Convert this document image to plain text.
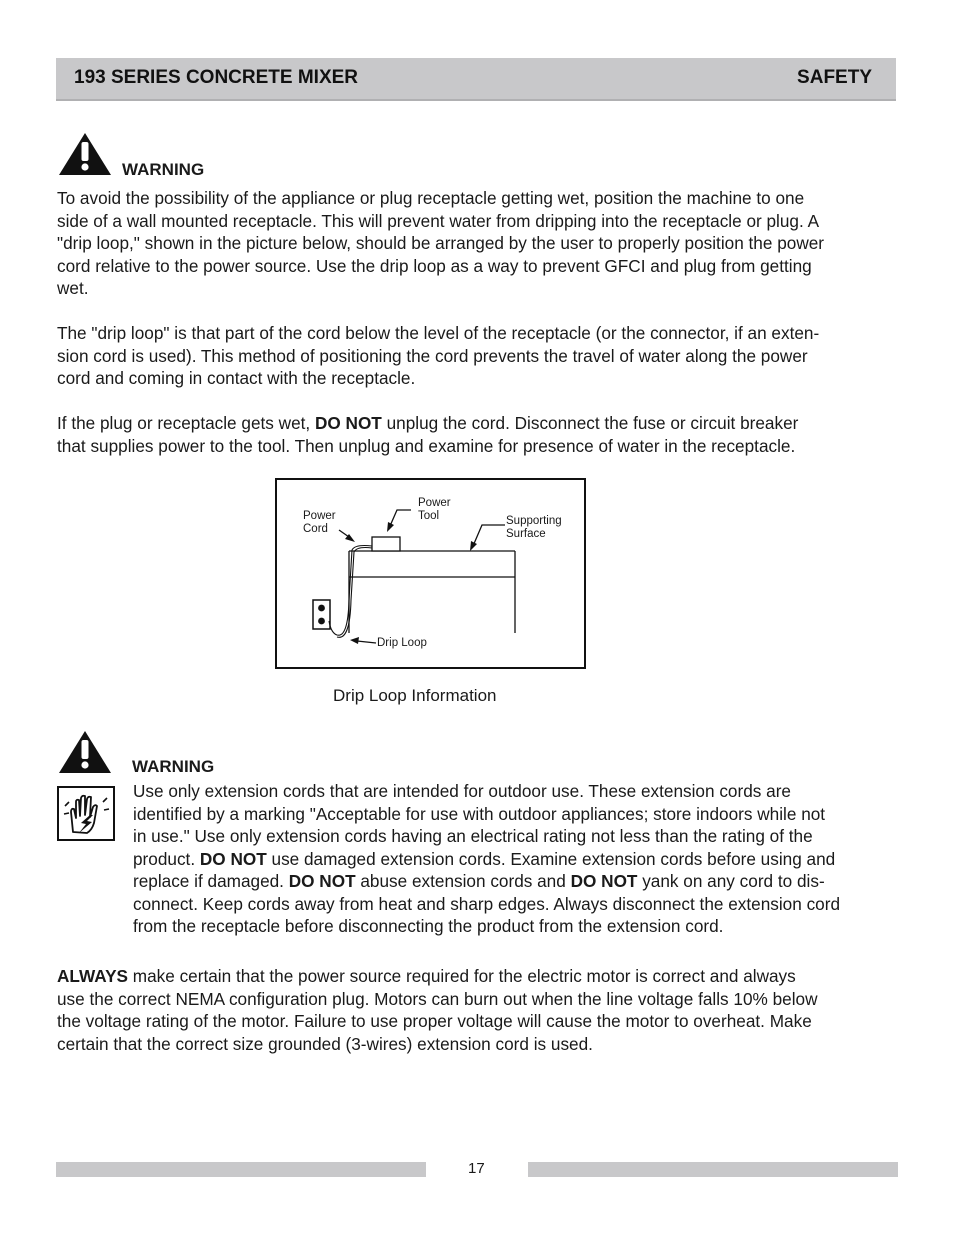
193 SERIES CONCRETE MIXER	SAFETY
WARNING
To avoid the possibility of the appliance or plug receptacle getting wet, position the machine to one
side of a wall mounted receptacle. This will prevent water from dripping into the receptacle or plug. A
"drip loop," shown in the picture below, should be arranged by the user to properly position the power
cord relative to the power source. Use the drip loop as a way to prevent GFCI and plug from getting
wet.
The "drip loop" is that part of the cord below the level of the receptacle (or the connector, if an exten-
sion cord is used). This method of positioning the cord prevents the travel of water along the power
cord and coming in contact with the receptacle.
If the plug or receptacle gets wet, DO NOT unplug the cord. Disconnect the fuse or circuit breaker
that supplies power to the tool. Then unplug and examine for presence of water in the receptacle.
Power
Tool
Power
Cord
Supporting
Surface
Drip Loop
Drip Loop Information
WARNING
Use only extension cords that are intended for outdoor use. These extension cords are
identified by a marking "Acceptable for use with outdoor appliances; store indoors while not
in use." Use only extension cords having an electrical rating not less than the rating of the
product. DO NOT use damaged extension cords. Examine extension cords before using and
replace if damaged. DO NOT abuse extension cords and DO NOT yank on any cord to dis-
connect. Keep cords away from heat and sharp edges. Always disconnect the extension cord
from the receptacle before disconnecting the product from the extension cord.
ALWAYS make certain that the power source required for the electric motor is correct and always
use the correct NEMA configuration plug. Motors can burn out when the line voltage falls 10% below
the voltage rating of the motor. Failure to use proper voltage will cause the motor to overheat. Make
certain that the correct size grounded (3-wires) extension cord is used.
17
